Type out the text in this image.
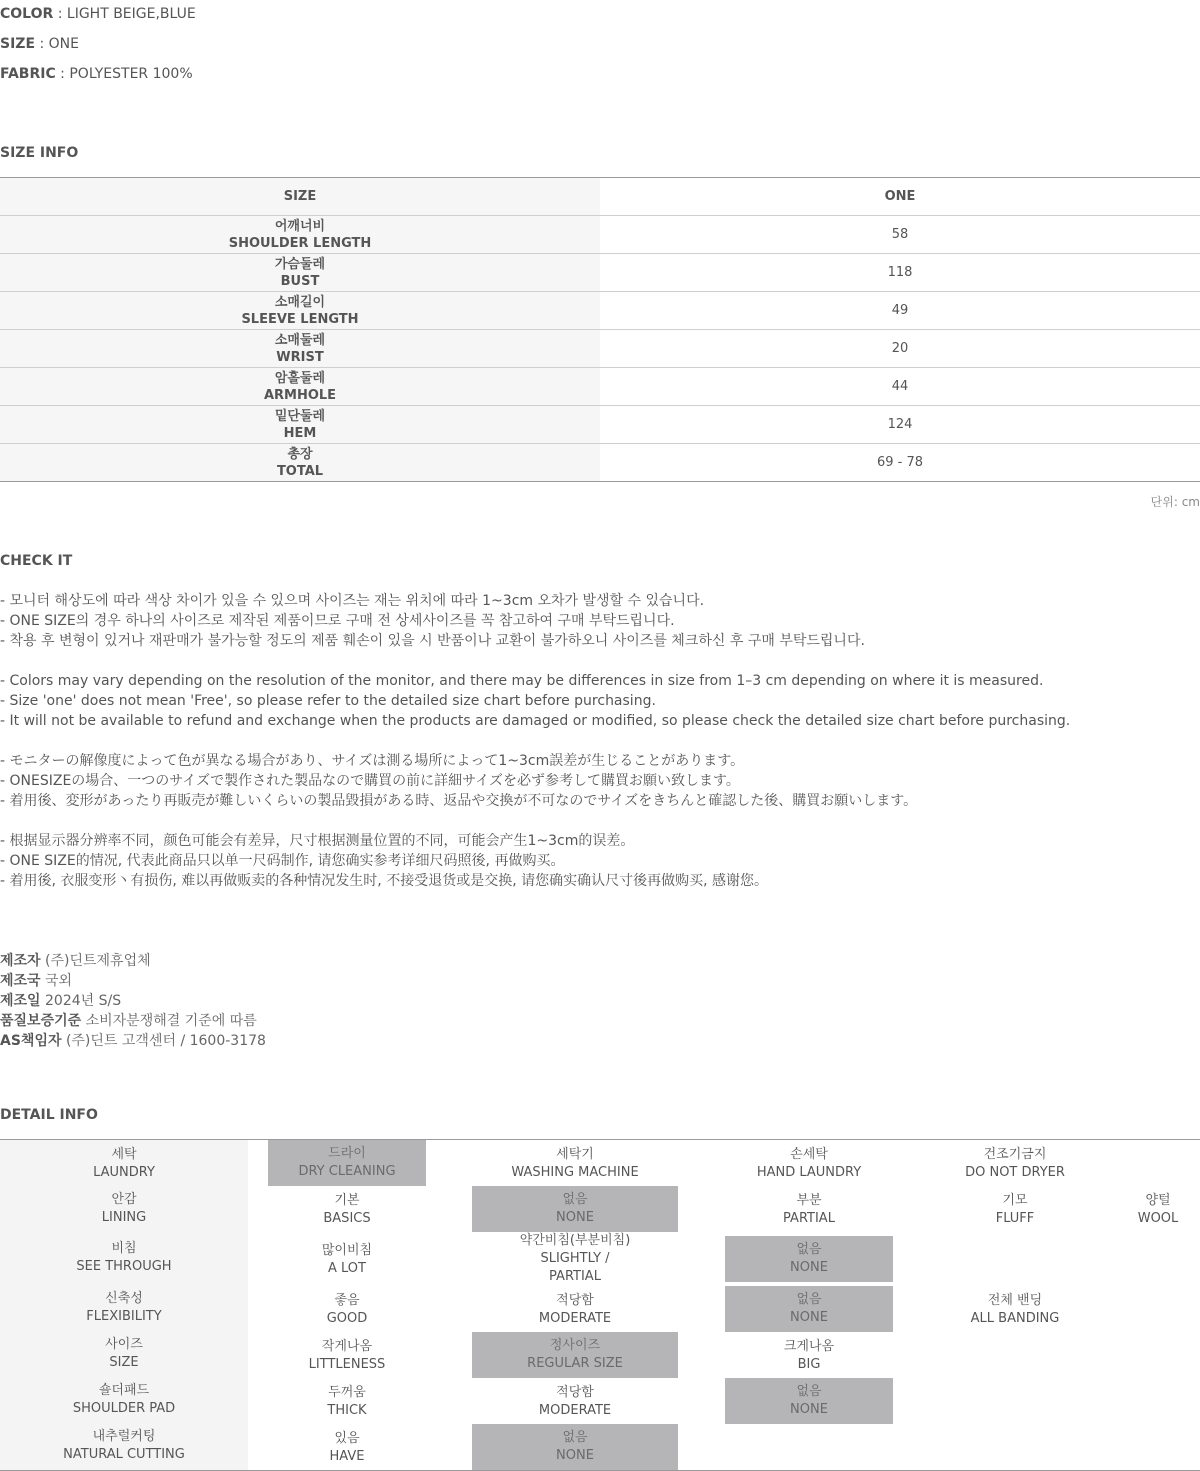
COLOR : LIGHT BEIGE,BLUE
SIZE : ONE
FABRIC : POLYESTER 100%
SIZE INFO
SIZE	ONE
어깨너비
SHOULDER LENGTH
58
가슴둘레
BUST
118
소매길이
SLEEVE LENGTH
49
소매둘레
WRIST
20
암홀둘레
ARMHOLE
44
밑단둘레
HEM
124
총장
TOTAL
69 - 78
단위: cm
CHECK IT
- 모니터 해상도에 따라 색상 차이가 있을 수 있으며 사이즈는 재는 위치에 따라 1~3cm 오차가 발생할 수 있습니다.
- ONE SIZE의 경우 하나의 사이즈로 제작된 제품이므로 구매 전 상세사이즈를 꼭 참고하여 구매 부탁드립니다.
- 착용 후 변형이 있거나 재판매가 불가능할 정도의 제품 훼손이 있을 시 반품이나 교환이 불가하오니 사이즈를 체크하신 후 구매 부탁드립니다.
- Colors may vary depending on the resolution of the monitor, and there may be differences in size from 1–3 cm depending on where it is measured.
- Size 'one' does not mean 'Free', so please refer to the detailed size chart before purchasing.
- It will not be available to refund and exchange when the products are damaged or modified, so please check the detailed size chart before purchasing.
- モニターの解像度によって色が異なる場合があり、サイズは測る場所によって1~3cm誤差が生じることがあります。
- ONESIZEの場合、一つのサイズで製作された製品なので購買の前に詳細サイズを必ず参考して購買お願い致します。
- 着用後、変形があったり再販売が難しいくらいの製品毀損がある時、返品や交換が不可なのでサイズをきちんと確認した後、購買お願いします。
- 根据显示器分辨率不同，颜色可能会有差异，尺寸根据测量位置的不同，可能会产生1~3cm的误差。
- ONE SIZE的情况, 代表此商品只以单一尺码制作, 请您确实参考详细尺码照後, 再做购买。
- 着用後, 衣服变形丶有损伤, 难以再做贩卖的各种情况发生时, 不接受退货或是交换, 请您确实确认尺寸後再做购买, 感谢您。
제조자 (주)딘트제휴업체
제조국 국외
제조일 2024년 S/S
품질보증기준 소비자분쟁해결 기준에 따름
AS책임자 (주)딘트 고객센터 / 1600-3178
DETAIL INFO
세탁
LAUNDRY
드라이
DRY CLEANING
세탁기
WASHING MACHINE
손세탁
HAND LAUNDRY
건조기금지
DO NOT DRYER
안감
LINING
기본
BASICS
없음
NONE
부분
PARTIAL
기모
FLUFF
양털
WOOL
비침
SEE THROUGH
많이비침
A LOT
약간비침(부분비침)
SLIGHTLY /
PARTIAL
없음
NONE
신축성
FLEXIBILITY
좋음
GOOD
적당함
MODERATE
없음
NONE
전체 밴딩
ALL BANDING
사이즈
SIZE
작게나옴
LITTLENESS
정사이즈
REGULAR SIZE
크게나옴
BIG
숄더패드
SHOULDER PAD
두꺼움
THICK
적당함
MODERATE
없음
NONE
내추럴커팅
NATURAL CUTTING
있음
HAVE
없음
NONE
